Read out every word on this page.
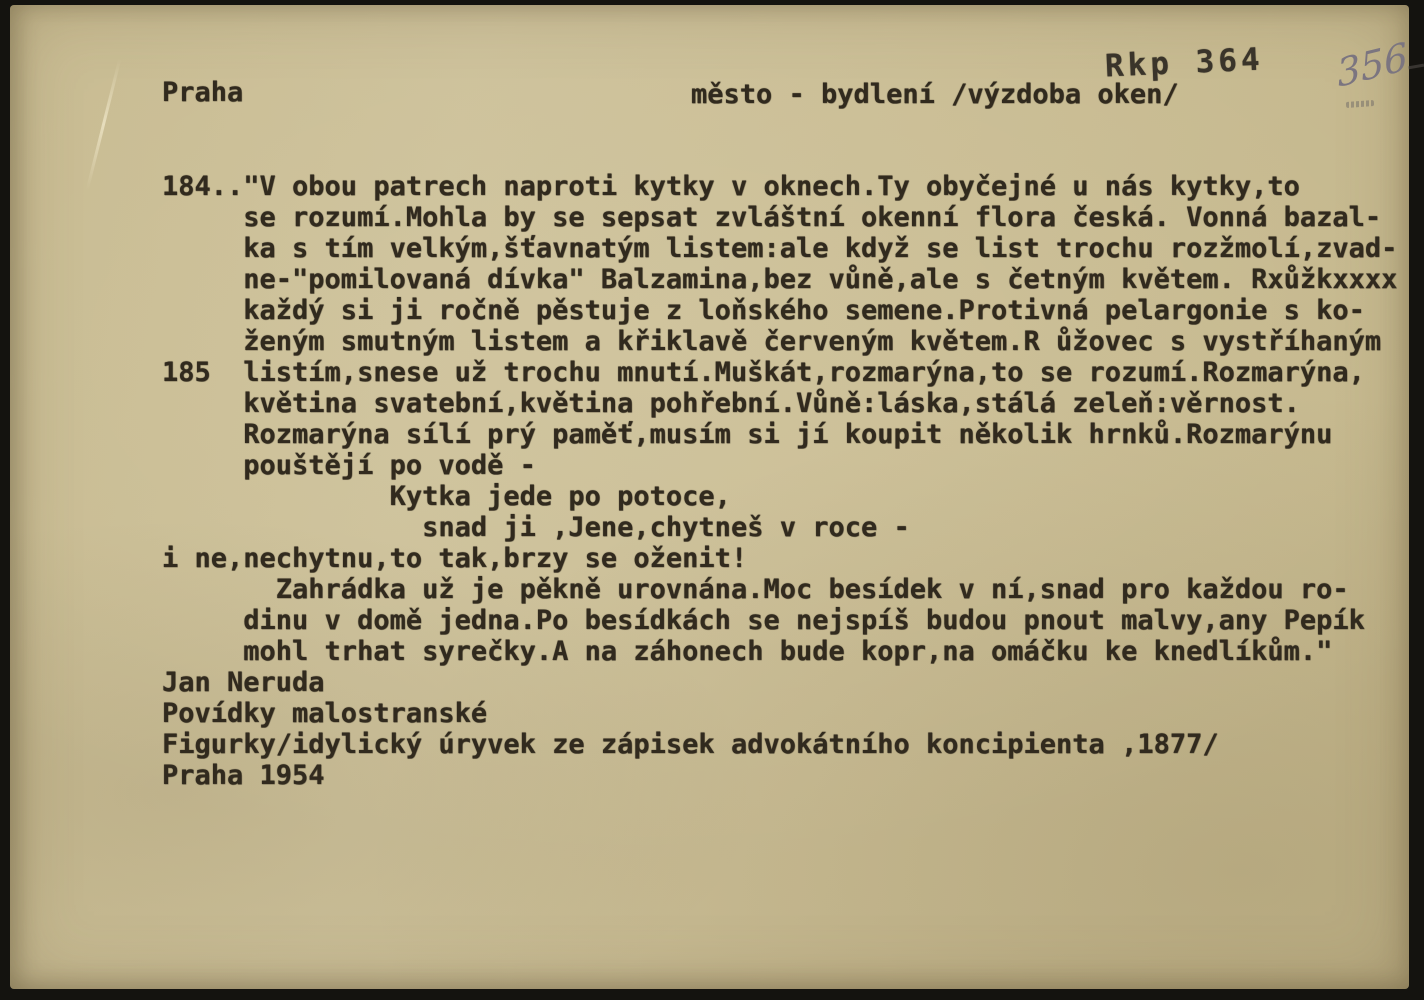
Praha	město - bydlení /výzdoba oken/
Rkp 364 356
184.."V obou patrech naproti kytky v oknech.Ty obyčejné u nás kytky,to
se rozumí.Mohla by se sepsat zvláštní okenní flora česká. Vonná bazal-
ka s tím velkým,šťavnatým listem:ale když se list trochu rozžmolí,zvad-
ne-"pomilovaná dívka" Balzamina,bez vůně,ale s četným květem. Rxůžkxxxx
každý si ji ročně pěstuje z loňského semene.Protivná pelargonie s ko-
ženým smutným listem a křiklavě červeným květem.R ůžovec s vystříhaným
185  listím,snese už trochu mnutí.Muškát,rozmarýna,to se rozumí.Rozmarýna,
květina svatební,květina pohřební.Vůně:láska,stálá zeleň:věrnost.
Rozmarýna sílí prý paměť,musím si jí koupit několik hrnků.Rozmarýnu
pouštějí po vodě -
Kytka jede po potoce,
snad ji ,Jene,chytneš v roce -
i ne,nechytnu,to tak,brzy se oženit!
Zahrádka už je pěkně urovnána.Moc besídek v ní,snad pro každou ro-
dinu v domě jedna.Po besídkách se nejspíš budou pnout malvy,any Pepík
mohl trhat syrečky.A na záhonech bude kopr,na omáčku ke knedlíkům."
Jan Neruda
Povídky malostranské
Figurky/idylický úryvek ze zápisek advokátního koncipienta ,1877/
Praha 1954
